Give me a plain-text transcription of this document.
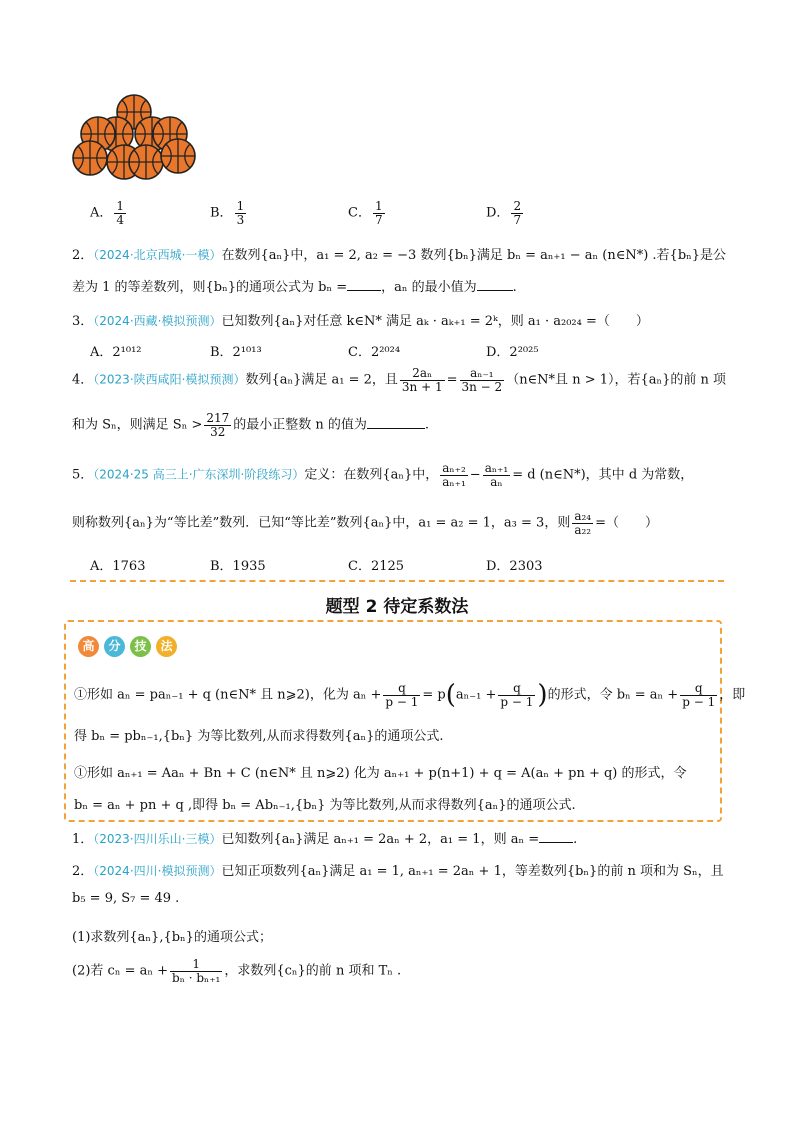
A． $\frac{1}{4}$	B． $\frac{1}{3}$	C． $\frac{1}{7}$	D． $\frac{2}{7}$
2．（2024·北京西城·一模）在数列{aₙ}中，a₁ = 2, a₂ = −3 数列{bₙ}满足 bₙ = aₙ₊₁ − aₙ (n∈N*) .若{bₙ}是公
差为 1 的等差数列，则{bₙ}的通项公式为 bₙ =	，aₙ 的最小值为	.
3．（2024·西藏·模拟预测）已知数列{aₙ}对任意 k∈N* 满足 aₖ · aₖ₊₁ = 2ᵏ，则 a₁ · a₂₀₂₄ =（　　）
A．2¹⁰¹²	B．2¹⁰¹³	C．2²⁰²⁴	D．2²⁰²⁵
4．（2023·陕西咸阳·模拟预测）数列{aₙ}满足 a₁ = 2，且 $\frac{\text{2aₙ}}{3n + 1} = \frac{\text{aₙ₋₁}}{3n - 2}$ （n∈N*且 n > 1），若{aₙ}的前 n 项
和为 Sₙ，则满足 $S_n > \frac{217}{32}$ 的最小正整数 n 的值为	.
5．（2024·25 高三上·广东深圳·阶段练习）定义：在数列{aₙ}中， $\frac{\text{aₙ₊₂}}{\text{aₙ₊₁}} - \frac{\text{aₙ₊₁}}{\text{aₙ}} = d$ (n∈N*)，其中 d 为常数，
则称数列{aₙ}为“等比差”数列．已知“等比差”数列{aₙ}中，a₁ = a₂ = 1，a₃ = 3，则 $\frac{\text{a₂₄}}{\text{a₂₂}}$ =（　　）
A．1763	B．1935	C．2125	D．2303
题型 2 待定系数法
高 分 技 法
①形如 aₙ = paₙ₋₁ + q (n∈N* 且 n⩾2)，化为 $a_n + \frac{q}{p - 1} = p(a_{n-1} + \frac{q}{p - 1}$ )的形式，令 $b_n = a_n + \frac{q}{p - 1}$ ，即
得 bₙ = pbₙ₋₁,{bₙ} 为等比数列,从而求得数列{aₙ}的通项公式.
①形如 aₙ₊₁ = Aaₙ + Bn + C (n∈N* 且 n⩾2) 化为 aₙ₊₁ + p(n+1) + q = A(aₙ + pn + q) 的形式，令
bₙ = aₙ + pn + q ,即得 bₙ = Abₙ₋₁,{bₙ} 为等比数列,从而求得数列{aₙ}的通项公式.
1．（2023·四川乐山·三模）已知数列{aₙ}满足 aₙ₊₁ = 2aₙ + 2，a₁ = 1，则 aₙ =	.
2．（2024·四川·模拟预测）已知正项数列{aₙ}满足 a₁ = 1, aₙ₊₁ = 2aₙ + 1，等差数列{bₙ}的前 n 项和为 Sₙ，且
b₅ = 9, S₇ = 49 .
(1)求数列{aₙ},{bₙ}的通项公式；
(2)若 $c_n = a_n + \frac{1}{\text{bₙ · bₙ₊₁}}$ ，求数列{cₙ}的前 n 项和 Tₙ .
